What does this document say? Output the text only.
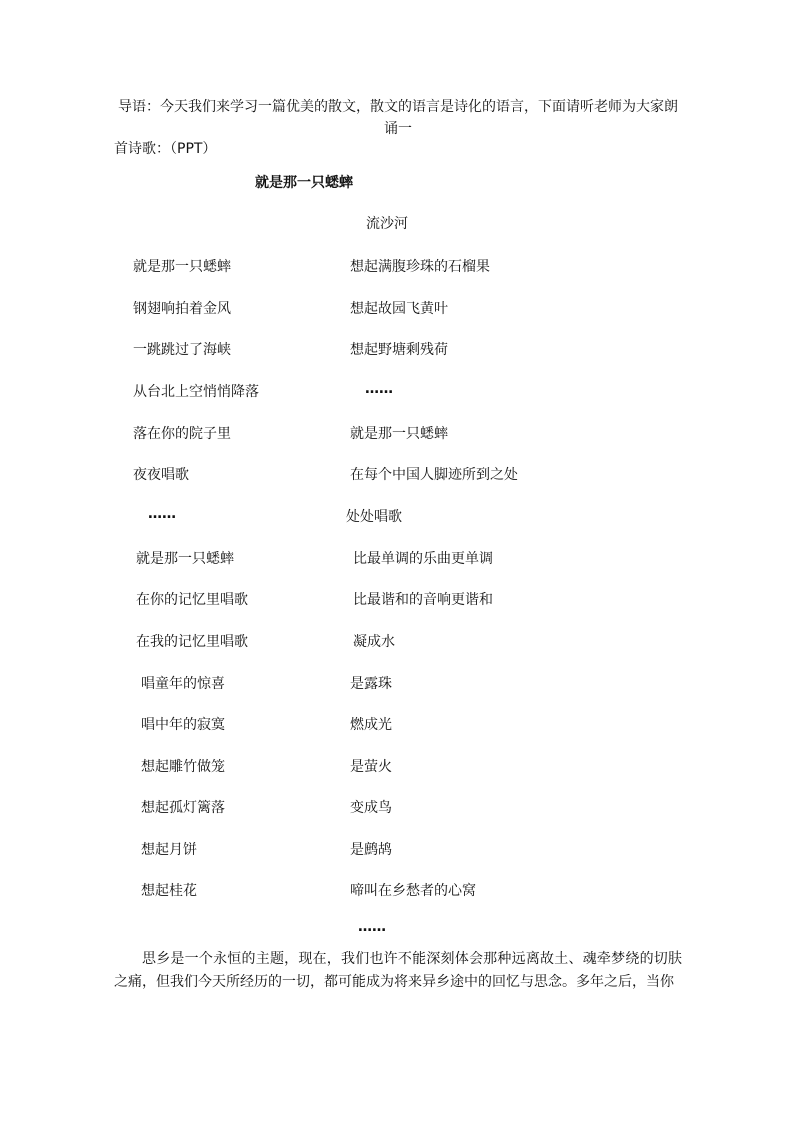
导语：今天我们来学习一篇优美的散文，散文的语言是诗化的语言，下面请听老师为大家朗诵一
首诗歌：（PPT）
就是那一只蟋蟀
流沙河
就是那一只蟋蟀
钢翅响拍着金风
一跳跳过了海峡
从台北上空悄悄降落
落在你的院子里
夜夜唱歌
……
就是那一只蟋蟀
在你的记忆里唱歌
在我的记忆里唱歌
唱童年的惊喜
唱中年的寂寞
想起雕竹做笼
想起孤灯篱落
想起月饼
想起桂花
想起满腹珍珠的石榴果
想起故园飞黄叶
想起野塘剩残荷
……
就是那一只蟋蟀
在每个中国人脚迹所到之处
处处唱歌
比最单调的乐曲更单调
比最谐和的音响更谐和
凝成水
是露珠
燃成光
是萤火
变成鸟
是鹧鸪
啼叫在乡愁者的心窝
……
思乡是一个永恒的主题，现在，我们也许不能深刻体会那种远离故土、魂牵梦绕的切肤之痛，但我们今天所经历的一切，都可能成为将来异乡途中的回忆与思念。多年之后，当你
